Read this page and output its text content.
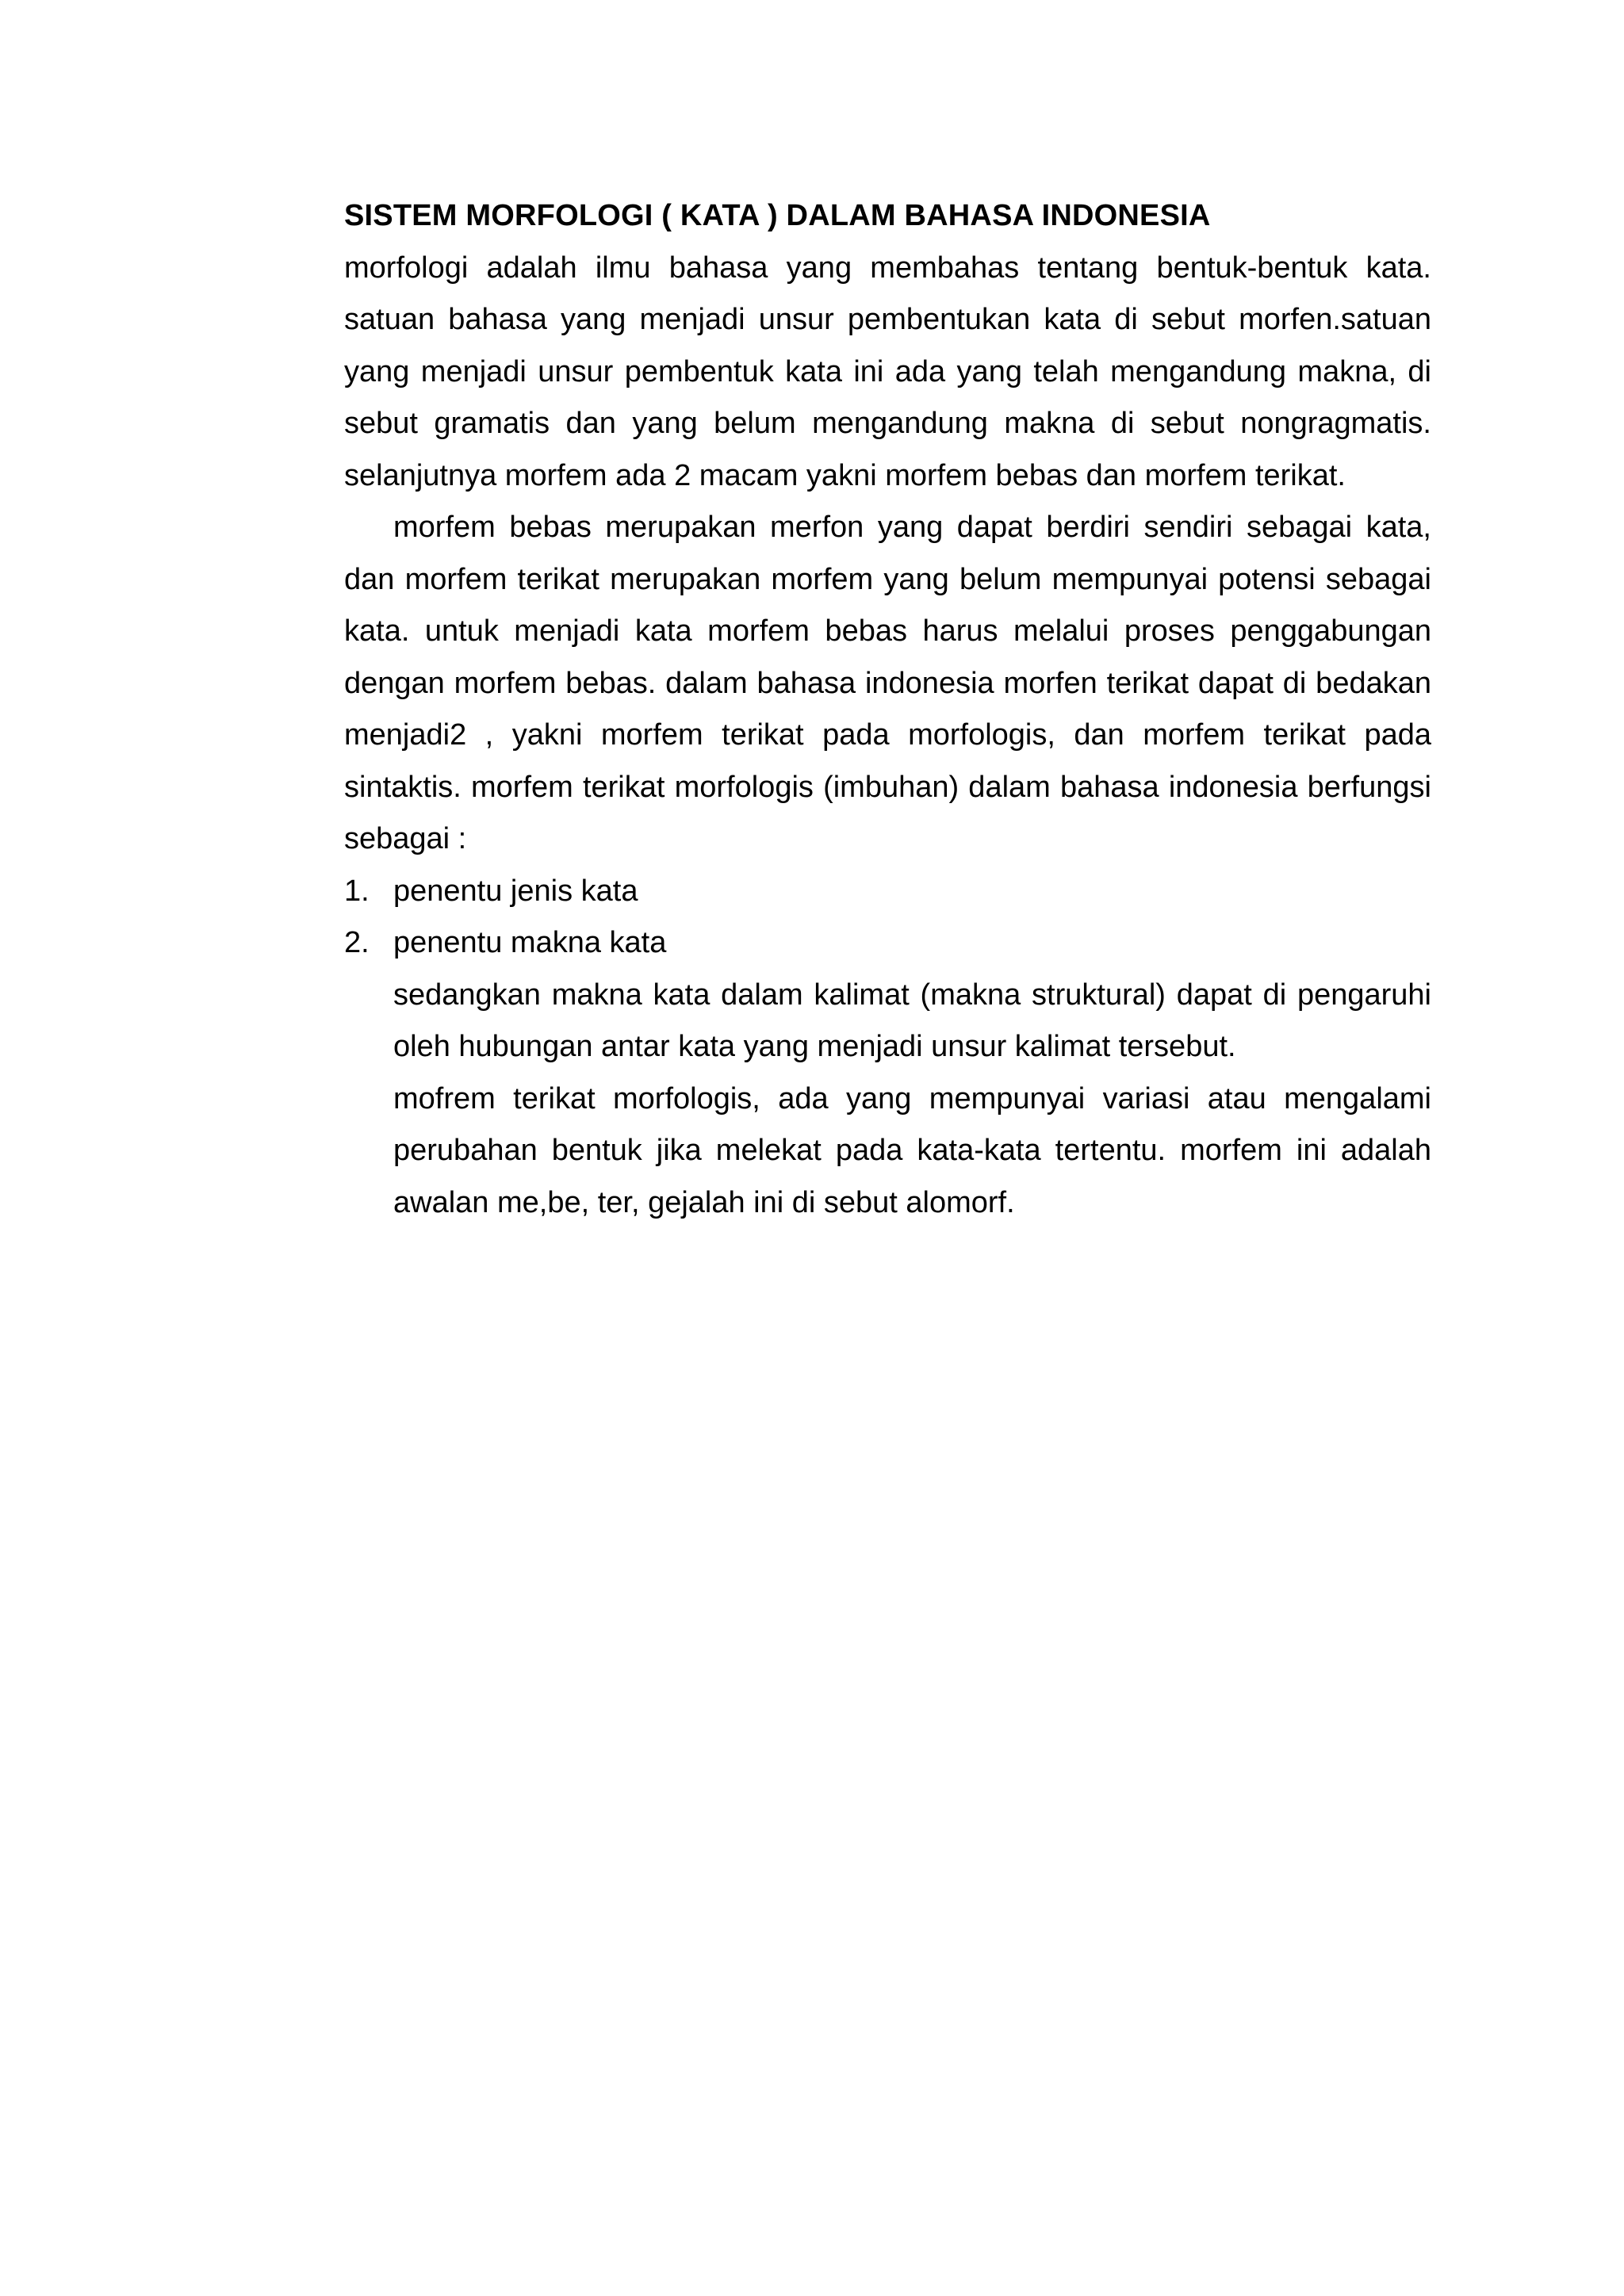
SISTEM MORFOLOGI ( KATA ) DALAM BAHASA INDONESIA

morfologi adalah ilmu bahasa yang membahas tentang bentuk-bentuk kata. satuan bahasa yang menjadi unsur pembentukan kata di sebut morfen.satuan yang menjadi unsur pembentuk kata ini ada yang telah mengandung makna, di sebut gramatis dan yang belum mengandung makna di sebut nongragmatis. selanjutnya morfem ada 2 macam yakni morfem bebas dan morfem terikat.

morfem bebas merupakan merfon yang dapat berdiri sendiri sebagai kata, dan morfem terikat merupakan morfem yang belum mempunyai potensi sebagai kata. untuk menjadi kata morfem bebas harus melalui proses penggabungan dengan morfem bebas. dalam bahasa indonesia morfen terikat dapat di bedakan menjadi2 , yakni morfem terikat pada morfologis, dan morfem terikat pada sintaktis. morfem terikat morfologis (imbuhan) dalam bahasa indonesia berfungsi sebagai :

1. penentu jenis kata
2. penentu makna kata

sedangkan makna kata dalam kalimat (makna struktural) dapat di pengaruhi oleh hubungan antar kata yang menjadi unsur kalimat tersebut.

mofrem terikat morfologis, ada yang mempunyai variasi atau mengalami perubahan bentuk jika melekat pada kata-kata tertentu. morfem ini adalah awalan me,be, ter, gejalah ini di sebut alomorf.
